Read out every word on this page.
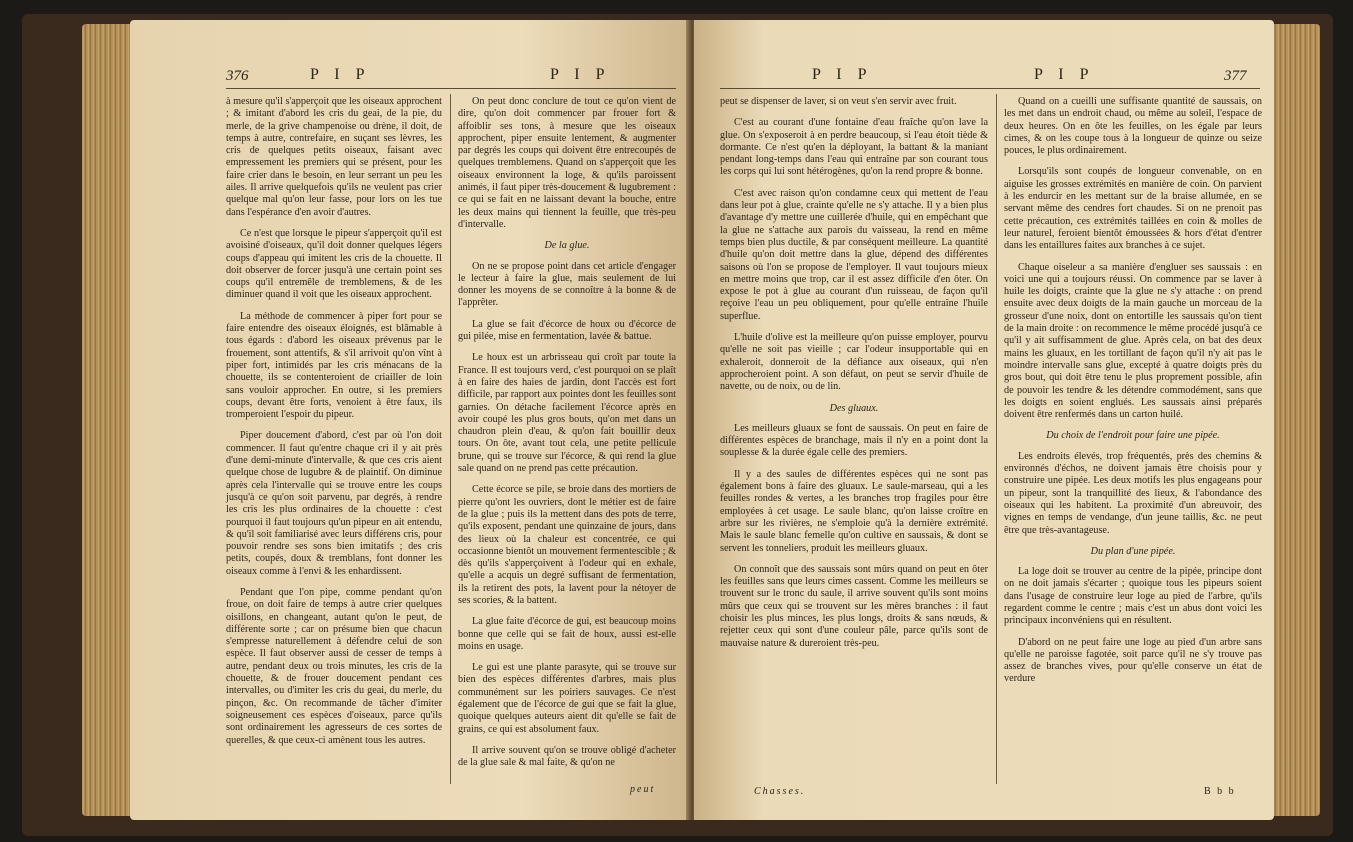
376	P I P	P I P

à mesure qu'il s'apperçoit que les oiseaux approchent ; & imitant d'abord les cris du geai, de la pie, du merle, de la grive champenoise ou drène, il doit, de temps à autre, contrefaire, en suçant ses lèvres, les cris de quelques petits oiseaux, faisant avec empressement les premiers qui se présent, pour les faire crier dans le besoin, en leur serrant un peu les ailes. Il arrive quelquefois qu'ils ne veulent pas crier quelque mal qu'on leur fasse, pour lors on les tue dans l'espérance d'en avoir d'autres.

Ce n'est que lorsque le pipeur s'apperçoit qu'il est avoisiné d'oiseaux, qu'il doit donner quelques légers coups d'appeau qui imitent les cris de la chouette. Il doit observer de forcer jusqu'à une certain point ses coups qu'il entremêle de tremblemens, & de les diminuer quand il voit que les oiseaux approchent.

La méthode de commencer à piper fort pour se faire entendre des oiseaux éloignés, est blâmable à tous égards : d'abord les oiseaux prévenus par le frouement, sont attentifs, & s'il arrivoit qu'on vînt à piper fort, intimidés par les cris ménacans de la chouette, ils se contenteroient de criailler de loin sans vouloir approcher. En outre, si les premiers coups, devant être forts, venoient à être faux, ils tromperoient l'espoir du pipeur.

Piper doucement d'abord, c'est par où l'on doit commencer. Il faut qu'entre chaque cri il y ait près d'une demi-minute d'intervalle, & que ces cris aient quelque chose de lugubre & de plaintif. On diminue après cela l'intervalle qui se trouve entre les coups jusqu'à ce qu'on soit parvenu, par degrés, à rendre les cris les plus ordinaires de la chouette : c'est pourquoi il faut toujours qu'un pipeur en ait entendu, & qu'il soit familiarisé avec leurs différens cris, pour pouvoir rendre ses sons bien imitatifs ; des cris petits, coupés, doux & tremblans, font donner les oiseaux comme à l'envi & les enhardissent.

Pendant que l'on pipe, comme pendant qu'on froue, on doit faire de temps à autre crier quelques oisillons, en changeant, autant qu'on le peut, de différente sorte ; car on présume bien que chacun s'empresse naturellement à défendre celui de son espèce. Il faut observer aussi de cesser de temps à autre, pendant deux ou trois minutes, les cris de la chouette, & de frouer doucement pendant ces intervalles, ou d'imiter les cris du geai, du merle, du pinçon, &c. On recommande de tâcher d'imiter soigneusement ces espèces d'oiseaux, parce qu'ils sont ordinairement les agresseurs de ces sortes de querelles, & que ceux-ci amènent tous les autres.

On peut donc conclure de tout ce qu'on vient de dire, qu'on doit commencer par frouer fort & affoiblir ses tons, à mesure que les oiseaux approchent, piper ensuite lentement, & augmenter par degrés les coups qui doivent être entrecoupés de quelques tremblemens. Quand on s'apperçoit que les oiseaux environnent la loge, & qu'ils paroissent animés, il faut piper très-doucement & lugubrement : ce qui se fait en ne laissant devant la bouche, entre les deux mains qui tiennent la feuille, que très-peu d'intervalle.

De la glue.

On ne se propose point dans cet article d'engager le lecteur à faire la glue, mais seulement de lui donner les moyens de se connoître à la bonne & de l'apprêter.

La glue se fait d'écorce de houx ou d'écorce de gui pilée, mise en fermentation, lavée & battue.

Le houx est un arbrisseau qui croît par toute la France. Il est toujours verd, c'est pourquoi on se plaît à en faire des haies de jardin, dont l'accès est fort difficile, par rapport aux pointes dont les feuilles sont garnies. On détache facilement l'écorce après en avoir coupé les plus gros bouts, qu'on met dans un chaudron plein d'eau, & qu'on fait bouillir deux tours. On ôte, avant tout cela, une petite pellicule brune, qui se trouve sur l'écorce, & qui rend la glue sale quand on ne prend pas cette précaution.

Cette écorce se pile, se broie dans des mortiers de pierre qu'ont les ouvriers, dont le métier est de faire de la glue ; puis ils la mettent dans des pots de terre, qu'ils exposent, pendant une quinzaine de jours, dans des lieux où la chaleur est concentrée, ce qui occasionne bientôt un mouvement fermentescible ; & dès qu'ils s'apperçoivent à l'odeur qui en exhale, qu'elle a acquis un degré suffisant de fermentation, ils la retirent des pots, la lavent pour la nétoyer de ses scories, & la battent.

La glue faite d'écorce de gui, est beaucoup moins bonne que celle qui se fait de houx, aussi est-elle moins en usage.

Le gui est une plante parasyte, qui se trouve sur bien des espèces différentes d'arbres, mais plus communément sur les poiriers sauvages. Ce n'est également que de l'écorce de gui que se fait la glue, quoique quelques auteurs aient dit qu'elle se fait de grains, ce qui est absolument faux.

Il arrive souvent qu'on se trouve obligé d'acheter de la glue sale & mal faite, & qu'on ne

peut
P I P	P I P	377

peut se dispenser de laver, si on veut s'en servir avec fruit.

C'est au courant d'une fontaine d'eau fraîche qu'on lave la glue. On s'exposeroit à en perdre beaucoup, si l'eau étoit tiède & dormante. Ce n'est qu'en la déployant, la battant & la maniant pendant long-temps dans l'eau qui entraîne par son courant tous les corps qui lui sont hétérogènes, qu'on la rend propre & bonne.

C'est avec raison qu'on condamne ceux qui mettent de l'eau dans leur pot à glue, crainte qu'elle ne s'y attache. Il y a bien plus d'avantage d'y mettre une cuillerée d'huile, qui en empêchant que la glue ne s'attache aux parois du vaisseau, la rend en même temps bien plus ductile, & par conséquent meilleure. La quantité d'huile qu'on doit mettre dans la glue, dépend des différentes saisons où l'on se propose de l'employer. Il vaut toujours mieux en mettre moins que trop, car il est assez difficile d'en ôter. On expose le pot à glue au courant d'un ruisseau, de façon qu'il reçoive l'eau un peu obliquement, pour qu'elle entraîne l'huile superflue.

L'huile d'olive est la meilleure qu'on puisse employer, pourvu qu'elle ne soit pas vieille ; car l'odeur insupportable qui en exhaleroit, donneroit de la défiance aux oiseaux, qui n'en approcheroient point. A son défaut, on peut se servir d'huile de navette, ou de noix, ou de lin.

Des gluaux.

Les meilleurs gluaux se font de saussais. On peut en faire de différentes espèces de branchage, mais il n'y en a point dont la souplesse & la durée égale celle des premiers.

Il y a des saules de différentes espèces qui ne sont pas également bons à faire des gluaux. Le saule-marseau, qui a les feuilles rondes & vertes, a les branches trop fragiles pour être employées à cet usage. Le saule blanc, qu'on laisse croître en arbre sur les rivières, ne s'emploie qu'à la dernière extrémité. Mais le saule blanc femelle qu'on cultive en saussais, & dont se servent les tonneliers, produit les meilleurs gluaux.

On connoît que des saussais sont mûrs quand on peut en ôter les feuilles sans que leurs cimes cassent. Comme les meilleurs se trouvent sur le tronc du saule, il arrive souvent qu'ils sont moins mûrs que ceux qui se trouvent sur les mères branches : il faut choisir les plus minces, les plus longs, droits & sans nœuds, & rejetter ceux qui sont d'une couleur pâle, parce qu'ils sont de mauvaise nature & dureroient très-peu.

Quand on a cueilli une suffisante quantité de saussais, on les met dans un endroit chaud, ou même au soleil, l'espace de deux heures. On en ôte les feuilles, on les égale par leurs cimes, & on les coupe tous à la longueur de quinze ou seize pouces, le plus ordinairement.

Lorsqu'ils sont coupés de longueur convenable, on en aiguise les grosses extrémités en manière de coin. On parvient à les endurcir en les mettant sur de la braise allumée, en se servant même des cendres fort chaudes. Si on ne prenoit pas cette précaution, ces extrémités taillées en coin & molles de leur naturel, feroient bientôt émoussées & hors d'état d'entrer dans les entaillures faites aux branches à ce sujet.

Chaque oiseleur a sa manière d'engluer ses saussais : en voici une qui a toujours réussi. On commence par se laver à huile les doigts, crainte que la glue ne s'y attache : on prend ensuite avec deux doigts de la main gauche un morceau de la grosseur d'une noix, dont on entortille les saussais qu'on tient de la main droite : on recommence le même procédé jusqu'à ce qu'il y ait suffisamment de glue. Après cela, on bat des deux mains les gluaux, en les tortillant de façon qu'il n'y ait pas le moindre intervalle sans glue, excepté à quatre doigts près du gros bout, qui doit être tenu le plus proprement possible, afin de pouvoir les tendre & les détendre commodément, sans que les doigts en soient englués. Les saussais ainsi préparés doivent être renfermés dans un carton huilé.

Du choix de l'endroit pour faire une pipée.

Les endroits élevés, trop fréquentés, près des chemins & environnés d'échos, ne doivent jamais être choisis pour y construire une pipée. Les deux motifs les plus engageans pour un pipeur, sont la tranquillité des lieux, & l'abondance des oiseaux qui les habitent. La proximité d'un abreuvoir, des vignes en temps de vendange, d'un jeune taillis, &c. ne peut être que très-avantageuse.

Du plan d'une pipée.

La loge doit se trouver au centre de la pipée, principe dont on ne doit jamais s'écarter ; quoique tous les pipeurs soient dans l'usage de construire leur loge au pied de l'arbre, qu'ils regardent comme le centre ; mais c'est un abus dont voici les principaux inconvéniens qui en résultent.

D'abord on ne peut faire une loge au pied d'un arbre sans qu'elle ne paroisse fagotée, soit parce qu'il ne s'y trouve pas assez de branches vives, pour qu'elle conserve un état de verdure

Chasses.	B b b
